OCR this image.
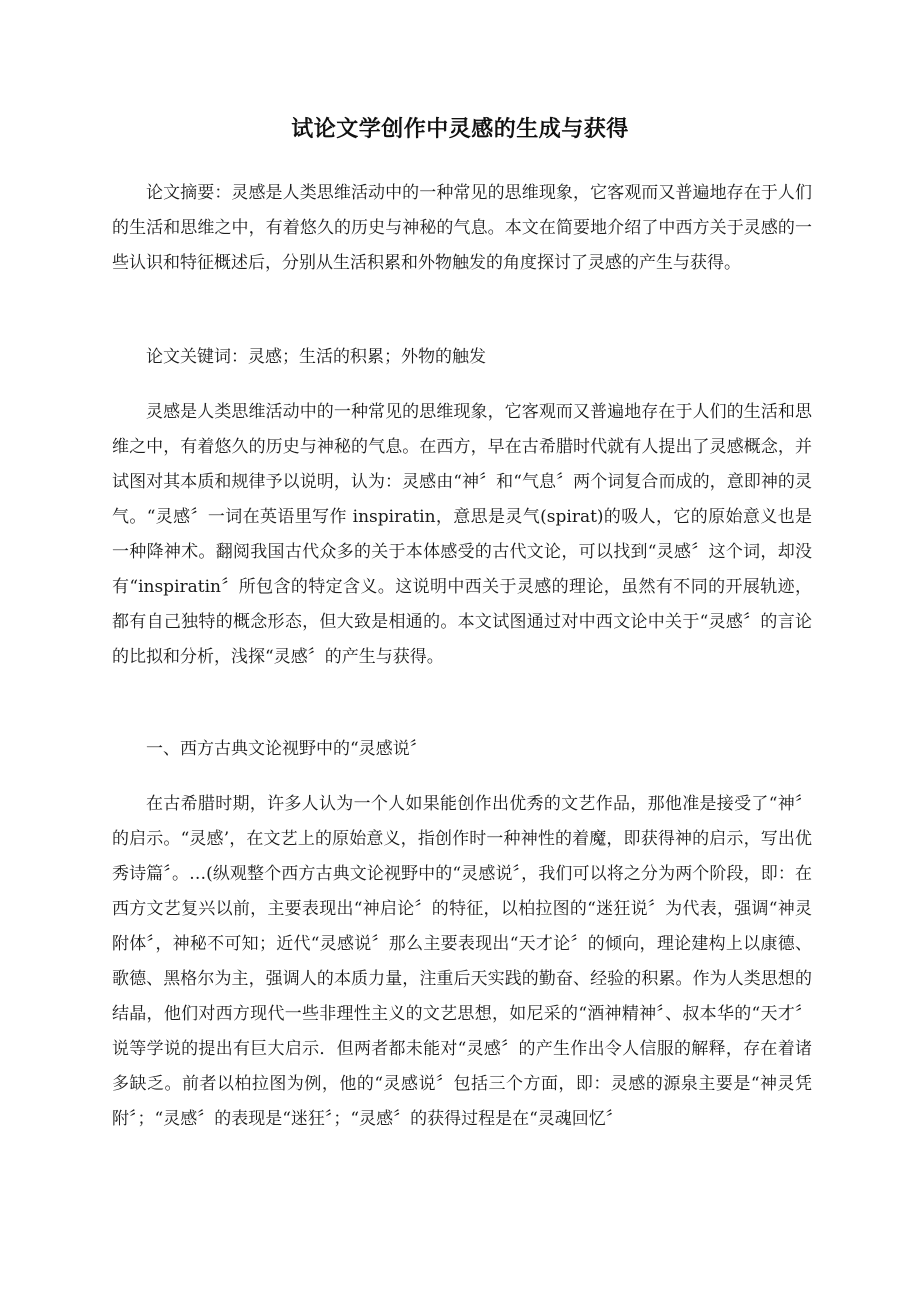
试论文学创作中灵感的生成与获得

论文摘要：灵感是人类思维活动中的一种常见的思维现象，它客观而又普遍地存在于人们的生活和思维之中，有着悠久的历史与神秘的气息。本文在简要地介绍了中西方关于灵感的一些认识和特征概述后，分别从生活积累和外物触发的角度探讨了灵感的产生与获得。

论文关键词：灵感；生活的积累；外物的触发

灵感是人类思维活动中的一种常见的思维现象，它客观而又普遍地存在于人们的生活和思维之中，有着悠久的历史与神秘的气息。在西方，早在古希腊时代就有人提出了灵感概念，并试图对其本质和规律予以说明，认为：灵感由“神〞和“气息〞两个词复合而成的，意即神的灵气。“灵感〞一词在英语里写作 inspiratin，意思是灵气(spirat)的吸人，它的原始意义也是一种降神术。翻阅我国古代众多的关于本体感受的古代文论，可以找到“灵感〞这个词，却没有“inspiratin〞所包含的特定含义。这说明中西关于灵感的理论，虽然有不同的开展轨迹，都有自己独特的概念形态，但大致是相通的。本文试图通过对中西文论中关于“灵感〞的言论的比拟和分析，浅探“灵感〞的产生与获得。

一、西方古典文论视野中的“灵感说〞

在古希腊时期，许多人认为一个人如果能创作出优秀的文艺作品，那他准是接受了“神〞的启示。“灵感’，在文艺上的原始意义，指创作时一种神性的着魔，即获得神的启示，写出优秀诗篇〞。…(纵观整个西方古典文论视野中的“灵感说〞，我们可以将之分为两个阶段，即：在西方文艺复兴以前，主要表现出“神启论〞的特征，以柏拉图的“迷狂说〞为代表，强调“神灵附体〞，神秘不可知；近代“灵感说〞那么主要表现出“天才论〞的倾向，理论建构上以康德、歌德、黑格尔为主，强调人的本质力量，注重后天实践的勤奋、经验的积累。作为人类思想的结晶，他们对西方现代一些非理性主义的文艺思想，如尼采的“酒神精神〞、叔本华的“天才〞说等学说的提出有巨大启示．但两者都未能对“灵感〞的产生作出令人信服的解释，存在着诸多缺乏。前者以柏拉图为例，他的“灵感说〞包括三个方面，即：灵感的源泉主要是“神灵凭附〞；“灵感〞的表现是“迷狂〞；“灵感〞的获得过程是在“灵魂回忆〞
